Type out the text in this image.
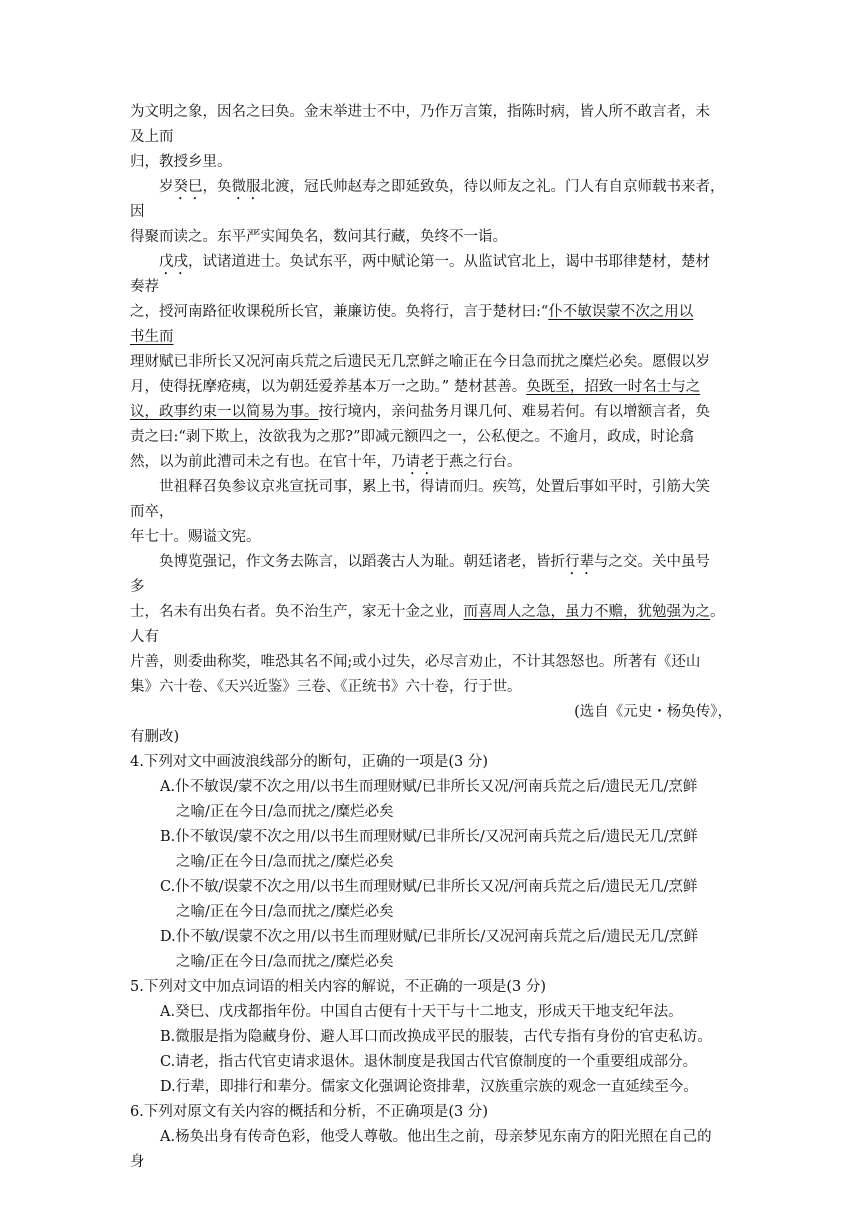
为文明之象，因名之曰奂。金末举进士不中，乃作万言策，指陈时病，皆人所不敢言者，未
及上而
归，教授乡里。
岁癸巳，奂微服北渡，冠氏帅赵寿之即延致奂，待以师友之礼。门人有自京师载书来者，
因
得聚而读之。东平严实闻奂名，数问其行藏，奂终不一诣。
戊戌，试诸道进士。奂试东平，两中赋论第一。从监试官北上，谒中书耶律楚材，楚材
奏荐
之，授河南路征收课税所长官，兼廉访使。奂将行，言于楚材曰:“仆不敏误蒙不次之用以
书生而
理财赋已非所长又况河南兵荒之后遗民无几烹鲜之喻正在今日急而扰之糜烂必矣。愿假以岁
月，使得抚摩疮痍，以为朝廷爱养基本万一之助。” 楚材甚善。奂既至，招致一时名士与之
议，政事约束一以简易为事。按行境内，亲问盐务月课几何、难易若何。有以增额言者，奂
责之曰:“剥下欺上，汝欲我为之那?”即减元额四之一，公私便之。不逾月，政成，时论翕
然，以为前此漕司未之有也。在官十年，乃请老于燕之行台。
世祖释召奂参议京兆宣抚司事，累上书，得请而归。疾笃，处置后事如平时，引筋大笑
而卒，
年七十。赐谥文宪。
奂博览强记，作文务去陈言，以蹈袭古人为耻。朝廷诸老，皆折行辈与之交。关中虽号
多
士，名未有出奂右者。奂不治生产，家无十金之业，而喜周人之急，虽力不赡，犹勉强为之。
人有
片善，则委曲称奖，唯恐其名不闻;或小过失，必尽言劝止，不计其怨怒也。所著有《还山
集》六十卷、《天兴近鉴》三卷、《正统书》六十卷，行于世。
(选自《元史・杨奂传》，
有删改)
4.下列对文中画波浪线部分的断句，正确的一项是(3 分)
A.仆不敏误/蒙不次之用/以书生而理财赋/已非所长又况/河南兵荒之后/遗民无几/烹鲜
之喻/正在今日/急而扰之/糜烂必矣
B.仆不敏误/蒙不次之用/以书生而理财赋/已非所长/又况河南兵荒之后/遗民无几/烹鲜
之喻/正在今日/急而扰之/糜烂必矣
C.仆不敏/误蒙不次之用/以书生而理财赋/已非所长又况/河南兵荒之后/遗民无几/烹鲜
之喻/正在今日/急而扰之/糜烂必矣
D.仆不敏/误蒙不次之用/以书生而理财赋/已非所长/又况河南兵荒之后/遗民无几/烹鲜
之喻/正在今日/急而扰之/糜烂必矣
5.下列对文中加点词语的相关内容的解说，不正确的一项是(3 分)
A.癸巳、戊戌都指年份。中国自古便有十天干与十二地支，形成天干地支纪年法。
B.微服是指为隐藏身份、避人耳口而改换成平民的服装，古代专指有身份的官吏私访。
C.请老，指古代官吏请求退休。退休制度是我国古代官僚制度的一个重要组成部分。
D.行辈，即排行和辈分。儒家文化强调论资排辈，汉族重宗族的观念一直延续至今。
6.下列对原文有关内容的概括和分析，不正确项是(3 分)
A.杨奂出身有传奇色彩，他受人尊敬。他出生之前，母亲梦见东南方的阳光照在自己的
身
